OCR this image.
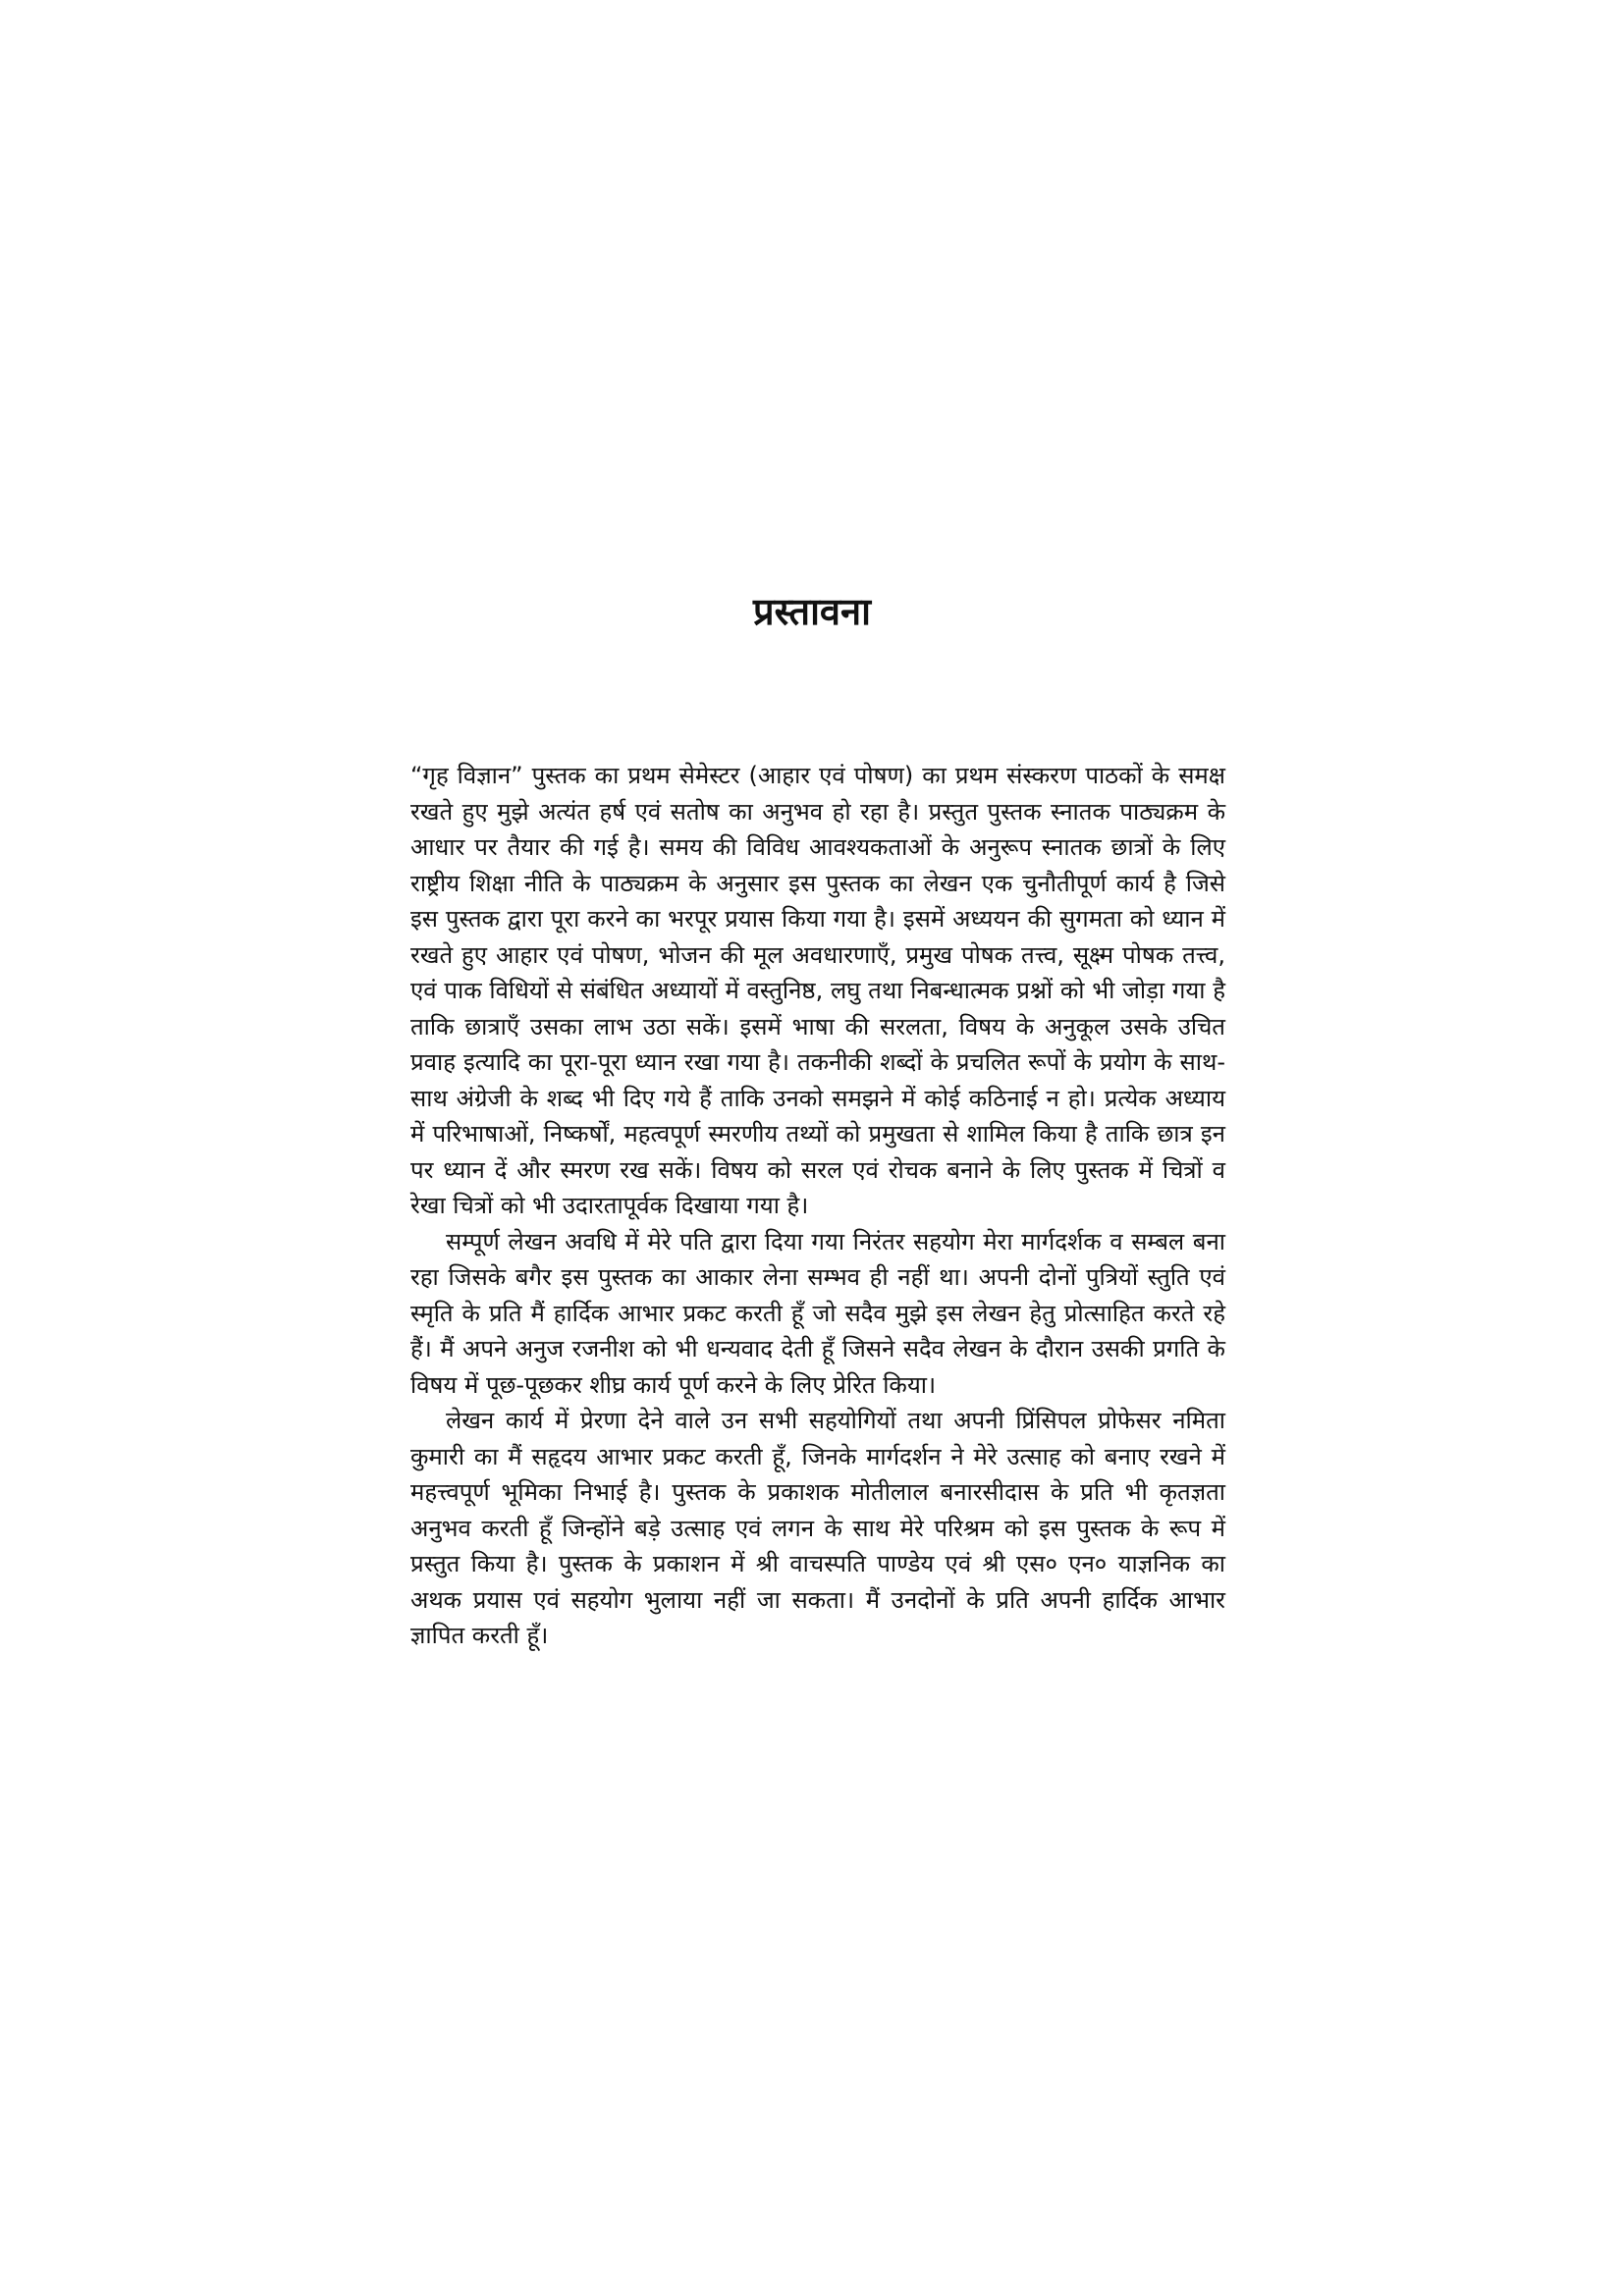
प्रस्तावना

“गृह विज्ञान” पुस्तक का प्रथम सेमेस्टर (आहार एवं पोषण) का प्रथम संस्करण पाठकों के समक्ष रखते हुए मुझे अत्यंत हर्ष एवं सतोष का अनुभव हो रहा है। प्रस्तुत पुस्तक स्नातक पाठ्यक्रम के आधार पर तैयार की गई है। समय की विविध आवश्यकताओं के अनुरूप स्नातक छात्रों के लिए राष्ट्रीय शिक्षा नीति के पाठ्यक्रम के अनुसार इस पुस्तक का लेखन एक चुनौतीपूर्ण कार्य है जिसे इस पुस्तक द्वारा पूरा करने का भरपूर प्रयास किया गया है। इसमें अध्ययन की सुगमता को ध्यान में रखते हुए आहार एवं पोषण, भोजन की मूल अवधारणाएँ, प्रमुख पोषक तत्त्व, सूक्ष्म पोषक तत्त्व, एवं पाक विधियों से संबंधित अध्यायों में वस्तुनिष्ठ, लघु तथा निबन्धात्मक प्रश्नों को भी जोड़ा गया है ताकि छात्राएँ उसका लाभ उठा सकें। इसमें भाषा की सरलता, विषय के अनुकूल उसके उचित प्रवाह इत्यादि का पूरा-पूरा ध्यान रखा गया है। तकनीकी शब्दों के प्रचलित रूपों के प्रयोग के साथ-साथ अंग्रेजी के शब्द भी दिए गये हैं ताकि उनको समझने में कोई कठिनाई न हो। प्रत्येक अध्याय में परिभाषाओं, निष्कर्षों, महत्वपूर्ण स्मरणीय तथ्यों को प्रमुखता से शामिल किया है ताकि छात्र इन पर ध्यान दें और स्मरण रख सकें। विषय को सरल एवं रोचक बनाने के लिए पुस्तक में चित्रों व रेखा चित्रों को भी उदारतापूर्वक दिखाया गया है।

सम्पूर्ण लेखन अवधि में मेरे पति द्वारा दिया गया निरंतर सहयोग मेरा मार्गदर्शक व सम्बल बना रहा जिसके बगैर इस पुस्तक का आकार लेना सम्भव ही नहीं था। अपनी दोनों पुत्रियों स्तुति एवं स्मृति के प्रति मैं हार्दिक आभार प्रकट करती हूँ जो सदैव मुझे इस लेखन हेतु प्रोत्साहित करते रहे हैं। मैं अपने अनुज रजनीश को भी धन्यवाद देती हूँ जिसने सदैव लेखन के दौरान उसकी प्रगति के विषय में पूछ-पूछकर शीघ्र कार्य पूर्ण करने के लिए प्रेरित किया।

लेखन कार्य में प्रेरणा देने वाले उन सभी सहयोगियों तथा अपनी प्रिंसिपल प्रोफेसर नमिता कुमारी का मैं सहृदय आभार प्रकट करती हूँ, जिनके मार्गदर्शन ने मेरे उत्साह को बनाए रखने में महत्त्वपूर्ण भूमिका निभाई है। पुस्तक के प्रकाशक मोतीलाल बनारसीदास के प्रति भी कृतज्ञता अनुभव करती हूँ जिन्होंने बड़े उत्साह एवं लगन के साथ मेरे परिश्रम को इस पुस्तक के रूप में प्रस्तुत किया है। पुस्तक के प्रकाशन में श्री वाचस्पति पाण्डेय एवं श्री एस० एन० याज्ञनिक का अथक प्रयास एवं सहयोग भुलाया नहीं जा सकता। मैं उनदोनों के प्रति अपनी हार्दिक आभार ज्ञापित करती हूँ।
